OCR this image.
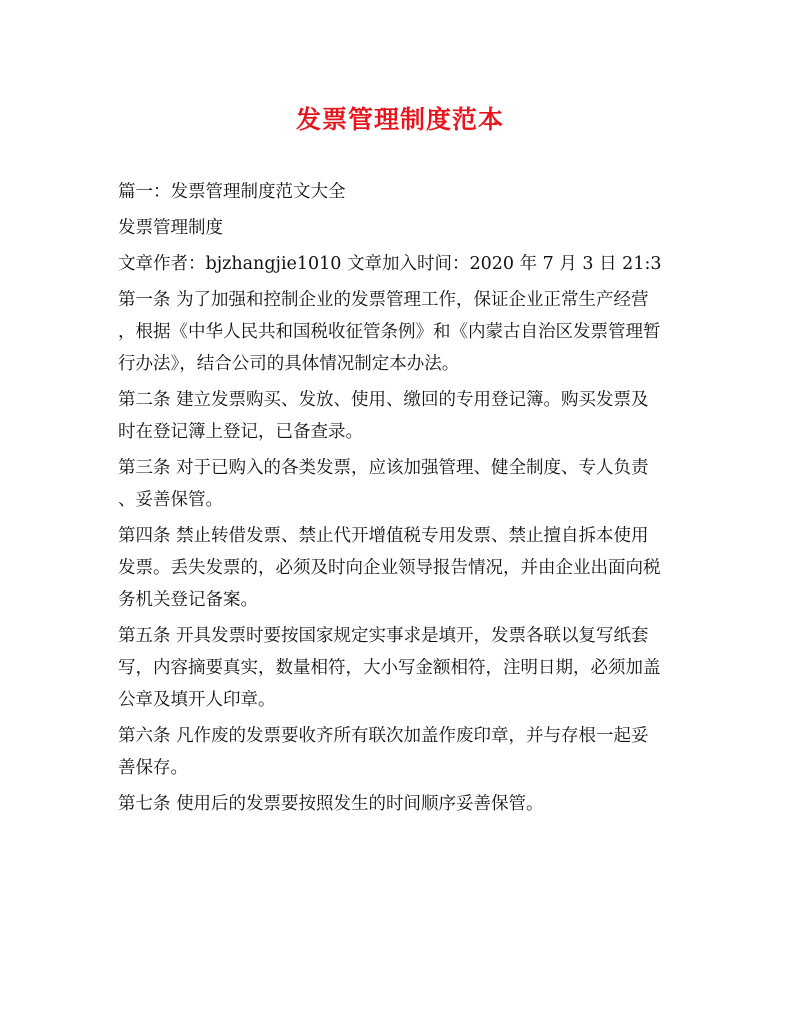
发票管理制度范本
篇一：发票管理制度范文大全
发票管理制度
文章作者：bjzhangjie1010 文章加入时间：2020 年 7 月 3 日 21:3
第一条 为了加强和控制企业的发票管理工作，保证企业正常生产经营
，根据《中华人民共和国税收征管条例》和《内蒙古自治区发票管理暂
行办法》，结合公司的具体情况制定本办法。
第二条 建立发票购买、发放、使用、缴回的专用登记簿。购买发票及
时在登记簿上登记，已备查录。
第三条 对于已购入的各类发票，应该加强管理、健全制度、专人负责
、妥善保管。
第四条 禁止转借发票、禁止代开增值税专用发票、禁止擅自拆本使用
发票。丢失发票的，必须及时向企业领导报告情况，并由企业出面向税
务机关登记备案。
第五条 开具发票时要按国家规定实事求是填开，发票各联以复写纸套
写，内容摘要真实，数量相符，大小写金额相符，注明日期，必须加盖
公章及填开人印章。
第六条 凡作废的发票要收齐所有联次加盖作废印章，并与存根一起妥
善保存。
第七条 使用后的发票要按照发生的时间顺序妥善保管。
